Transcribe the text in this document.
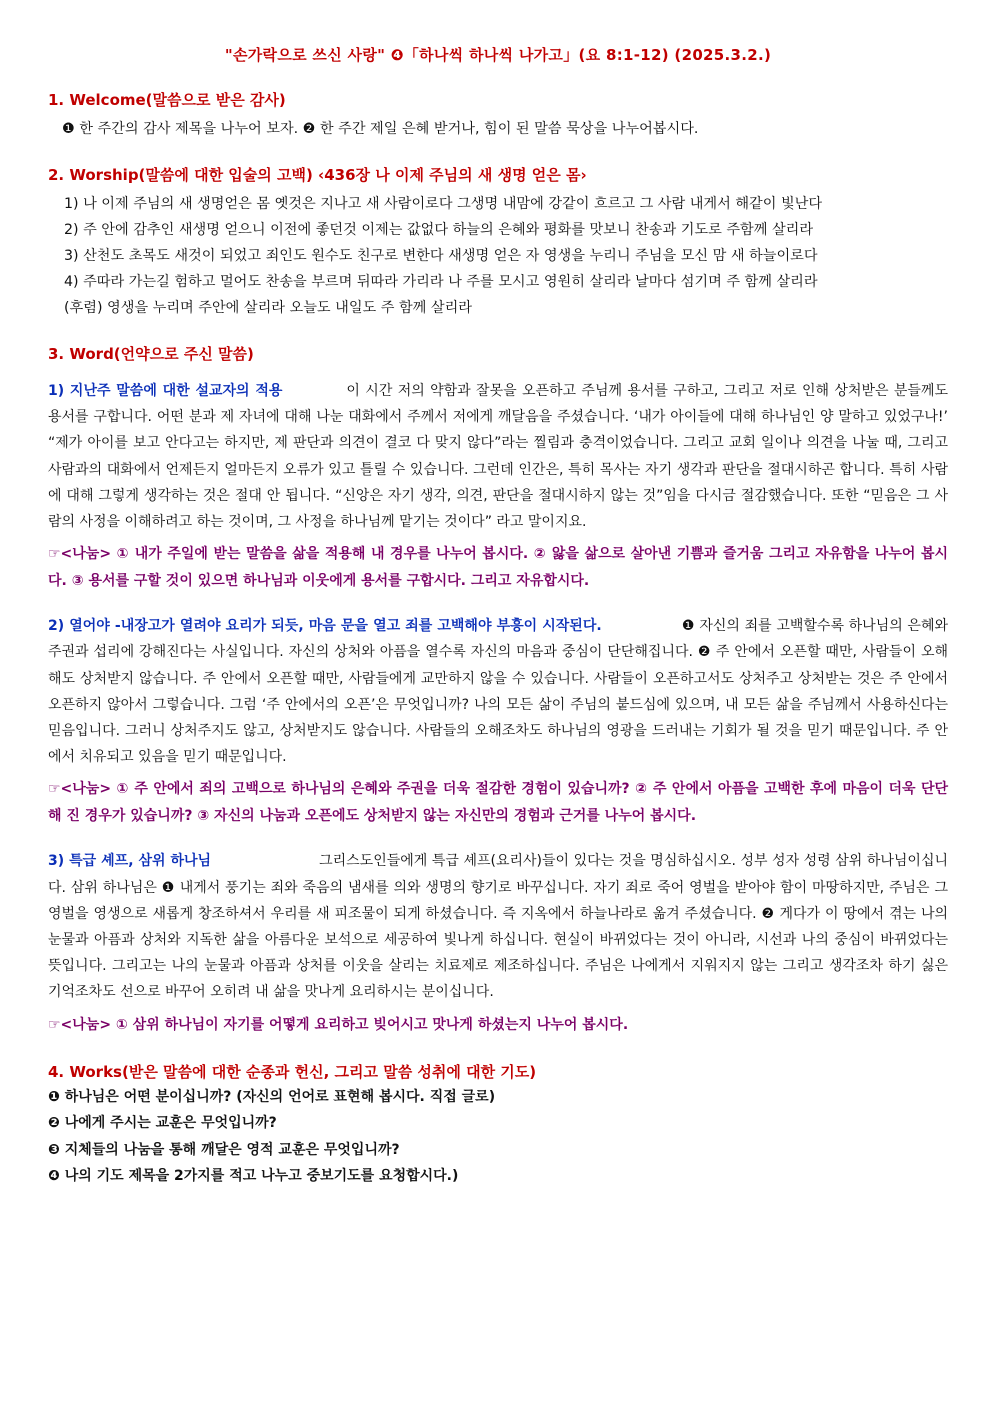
"손가락으로 쓰신 사랑" ❹「하나씩 하나씩 나가고」(요 8:1-12) (2025.3.2.)
1. Welcome(말씀으로 받은 감사)
❶ 한 주간의 감사 제목을 나누어 보자. ❷ 한 주간 제일 은혜 받거나, 힘이 된 말씀 묵상을 나누어봅시다.
2. Worship(말씀에 대한 입술의 고백) ‹436장 나 이제 주님의 새 생명 얻은 몸›
1) 나 이제 주님의 새 생명얻은 몸 옛것은 지나고 새 사람이로다 그생명 내맘에 강같이 흐르고 그 사람 내게서 해같이 빛난다
2) 주 안에 감추인 새생명 얻으니 이전에 좋던것 이제는 값없다 하늘의 은혜와 평화를 맛보니 찬송과 기도로 주함께 살리라
3) 산천도 초목도 새것이 되었고 죄인도 원수도 친구로 변한다 새생명 얻은 자 영생을 누리니 주님을 모신 맘 새 하늘이로다
4) 주따라 가는길 험하고 멀어도 찬송을 부르며 뒤따라 가리라 나 주를 모시고 영원히 살리라 날마다 섬기며 주 함께 살리라
(후렴) 영생을 누리며 주안에 살리라 오늘도 내일도 주 함께 살리라
3. Word(언약으로 주신 말씀)
1) 지난주 말씀에 대한 설교자의 적용	이 시간 저의 약함과 잘못을 오픈하고 주님께 용서를 구하고, 그리고 저로 인해 상처받은 분들께도 용서를 구합니다. 어떤 분과 제 자녀에 대해 나눈 대화에서 주께서 저에게 깨달음을 주셨습니다. ‘내가 아이들에 대해 하나님인 양 말하고 있었구나!’ “제가 아이를 보고 안다고는 하지만, 제 판단과 의견이 결코 다 맞지 않다”라는 찔림과 충격이었습니다. 그리고 교회 일이나 의견을 나눌 때, 그리고 사람과의 대화에서 언제든지 얼마든지 오류가 있고 틀릴 수 있습니다. 그런데 인간은, 특히 목사는 자기 생각과 판단을 절대시하곤 합니다. 특히 사람에 대해 그렇게 생각하는 것은 절대 안 됩니다. “신앙은 자기 생각, 의견, 판단을 절대시하지 않는 것”임을 다시금 절감했습니다. 또한 “믿음은 그 사람의 사정을 이해하려고 하는 것이며, 그 사정을 하나님께 맡기는 것이다” 라고 말이지요.
☞<나눔> ① 내가 주일에 받는 말씀을 삶을 적용해 내 경우를 나누어 봅시다. ② 앓을 삶으로 살아낸 기쁨과 즐거움 그리고 자유함을 나누어 봅시다. ③ 용서를 구할 것이 있으면 하나님과 이웃에게 용서를 구합시다. 그리고 자유합시다.
2) 열어야 -내장고가 열려야 요리가 되듯, 마음 문을 열고 죄를 고백해야 부흥이 시작된다.	❶ 자신의 죄를 고백할수록 하나님의 은혜와 주권과 섭리에 강해진다는 사실입니다. 자신의 상처와 아픔을 열수록 자신의 마음과 중심이 단단해집니다. ❷ 주 안에서 오픈할 때만, 사람들이 오해해도 상처받지 않습니다. 주 안에서 오픈할 때만, 사람들에게 교만하지 않을 수 있습니다. 사람들이 오픈하고서도 상처주고 상처받는 것은 주 안에서 오픈하지 않아서 그렇습니다. 그럼 ‘주 안에서의 오픈’은 무엇입니까? 나의 모든 삶이 주님의 붙드심에 있으며, 내 모든 삶을 주님께서 사용하신다는 믿음입니다. 그러니 상처주지도 않고, 상처받지도 않습니다. 사람들의 오해조차도 하나님의 영광을 드러내는 기회가 될 것을 믿기 때문입니다. 주 안에서 치유되고 있음을 믿기 때문입니다.
☞<나눔> ① 주 안에서 죄의 고백으로 하나님의 은혜와 주권을 더욱 절감한 경험이 있습니까? ② 주 안에서 아픔을 고백한 후에 마음이 더욱 단단해 진 경우가 있습니까? ③ 자신의 나눔과 오픈에도 상처받지 않는 자신만의 경험과 근거를 나누어 봅시다.
3) 특급 셰프, 삼위 하나님	그리스도인들에게 특급 셰프(요리사)들이 있다는 것을 명심하십시오. 성부 성자 성령 삼위 하나님이십니다. 삼위 하나님은 ❶ 내게서 풍기는 죄와 죽음의 냄새를 의와 생명의 향기로 바꾸십니다. 자기 죄로 죽어 영벌을 받아야 함이 마땅하지만, 주님은 그 영벌을 영생으로 새롭게 창조하셔서 우리를 새 피조물이 되게 하셨습니다. 즉 지옥에서 하늘나라로 옮겨 주셨습니다. ❷ 게다가 이 땅에서 겪는 나의 눈물과 아픔과 상처와 지독한 삶을 아름다운 보석으로 세공하여 빛나게 하십니다. 현실이 바뀌었다는 것이 아니라, 시선과 나의 중심이 바뀌었다는 뜻입니다. 그리고는 나의 눈물과 아픔과 상처를 이웃을 살리는 치료제로 제조하십니다. 주님은 나에게서 지워지지 않는 그리고 생각조차 하기 싫은 기억조차도 선으로 바꾸어 오히려 내 삶을 맛나게 요리하시는 분이십니다.
☞<나눔> ① 삼위 하나님이 자기를 어떻게 요리하고 빚어시고 맛나게 하셨는지 나누어 봅시다.
4. Works(받은 말씀에 대한 순종과 헌신, 그리고 말씀 성취에 대한 기도)
❶ 하나님은 어떤 분이십니까? (자신의 언어로 표현해 봅시다. 직접 글로)
❷ 나에게 주시는 교훈은 무엇입니까?
❸ 지체들의 나눔을 통해 깨달은 영적 교훈은 무엇입니까?
❹ 나의 기도 제목을 2가지를 적고 나누고 중보기도를 요청합시다.)
